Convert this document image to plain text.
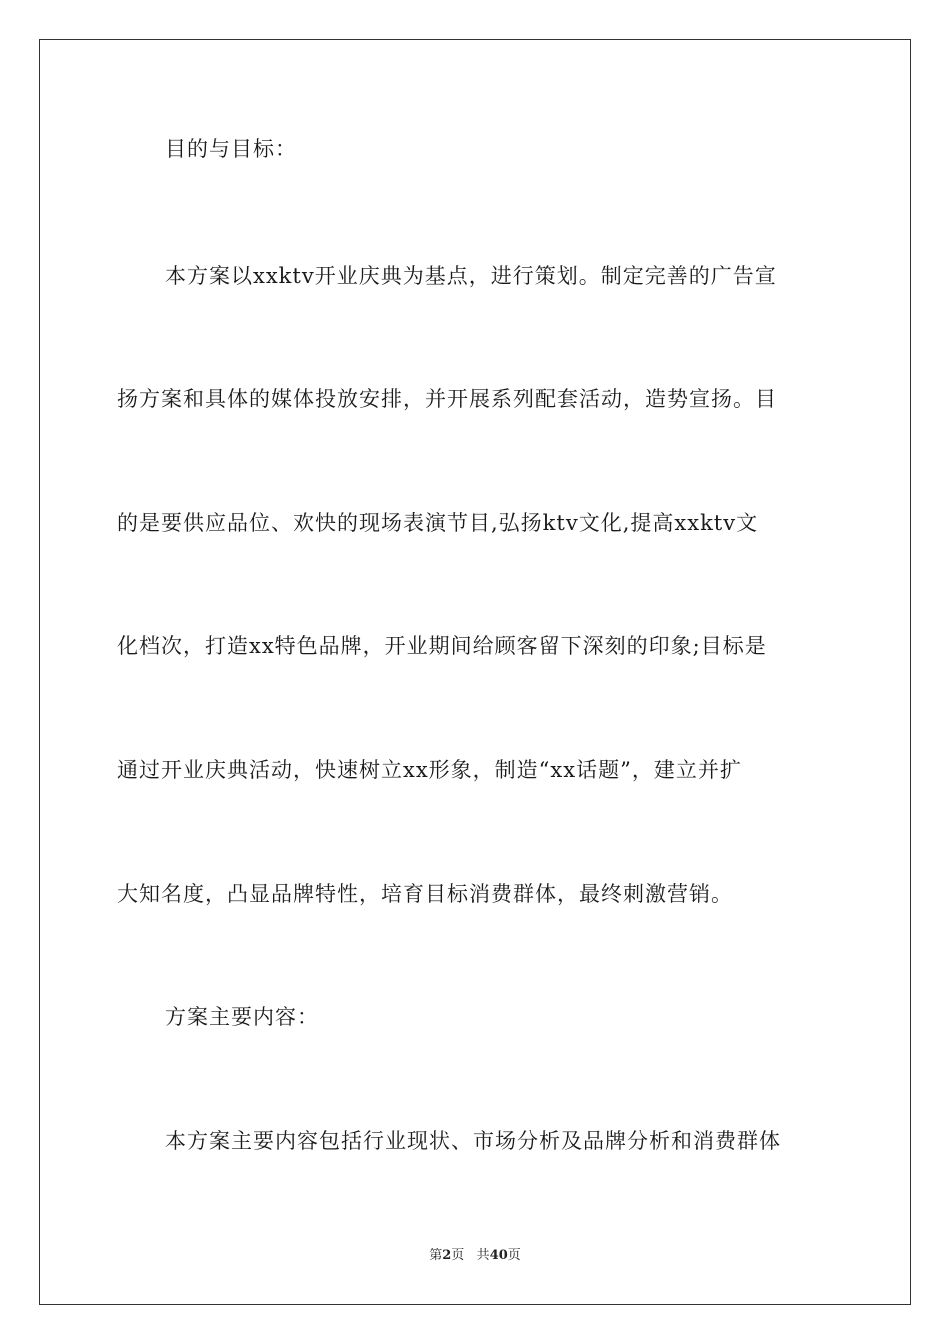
目的与目标：
本方案以xxktv开业庆典为基点，进行策划。制定完善的广告宣
扬方案和具体的媒体投放安排，并开展系列配套活动，造势宣扬。目
的是要供应品位、欢快的现场表演节目,弘扬ktv文化,提高xxktv文
化档次，打造xx特色品牌，开业期间给顾客留下深刻的印象;目标是
通过开业庆典活动，快速树立xx形象，制造“xx话题”，建立并扩
大知名度，凸显品牌特性，培育目标消费群体，最终刺激营销。
方案主要内容：
本方案主要内容包括行业现状、市场分析及品牌分析和消费群体
第2页 共40页
